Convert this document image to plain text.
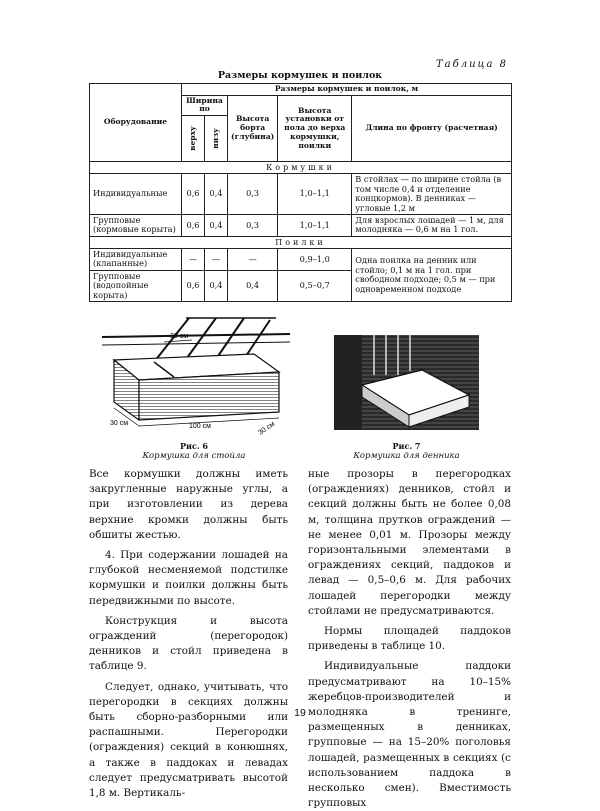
Таблица 8
Размеры кормушек и поилок
Оборудование	Размеры кормушек и поилок, м				
	Ширина по		Высота борта (глубина)	Высота установки от пола до верха кормушки, поилки	Длина по фронту (расчетная)

	верху	низу			

Кормушки					
Индивидуальные	0,6	0,4	0,3	1,0–1,1	В стойлах — по ширине стойла (в том числе 0,4 и отделение концкормов). В денниках — угловые 1,2 м
Групповые (кормовые корыта)	0,6	0,4	0,3	1,0–1,1	Для взрослых лошадей — 1 м, для молодняка — 0,6 м на 1 гол.
Поилки					
Индивидуальные (клапанные)	—	—	—	0,9–1,0	Одна поилка на денник или стойло; 0,1 м на 1 гол. при свободном подходе; 0,5 м — при одновременном подходе
Групповые (водопойные корыта)	0,6	0,4	0,4	0,5–0,7	
30 см
100 см
30 см	30 см
Рис. 6
Кормушка для стойла
Рис. 7
Кормушка для денника

Все кормушки должны иметь закругленные наружные углы, а при изготовлении из дерева верхние кромки должны быть обшиты жестью.

4. При содержании лошадей на глубокой несменяемой подстилке кормушки и поилки должны быть передвижными по высоте.

Конструкция и высота ограждений (перегородок) денников и стойл приведена в таблице 9.

Следует, однако, учитывать, что перегородки в секциях должны быть сборно-разборными или распашными. Перегородки (ограждения) секций в конюшнях, а также в паддоках и левадах следует предусматривать высотой 1,8 м. Вертикаль-

ные прозоры в перегородках (ограждениях) денников, стойл и секций должны быть не более 0,08 м, толщина прутков ограждений — не менее 0,01 м. Прозоры между горизонтальными элементами в ограждениях секций, паддоков и левад — 0,5–0,6 м. Для рабочих лошадей перегородки между стойлами не предусматриваются.

Нормы площадей паддоков приведены в таблице 10.

Индивидуальные паддоки предусматривают на 10–15% жеребцов-производителей и молодняка в тренинге, размещенных в денниках, групповые — на 15–20% поголовья лошадей, размещенных в секциях (с использованием паддока в несколько смен). Вместимость групповых

19
